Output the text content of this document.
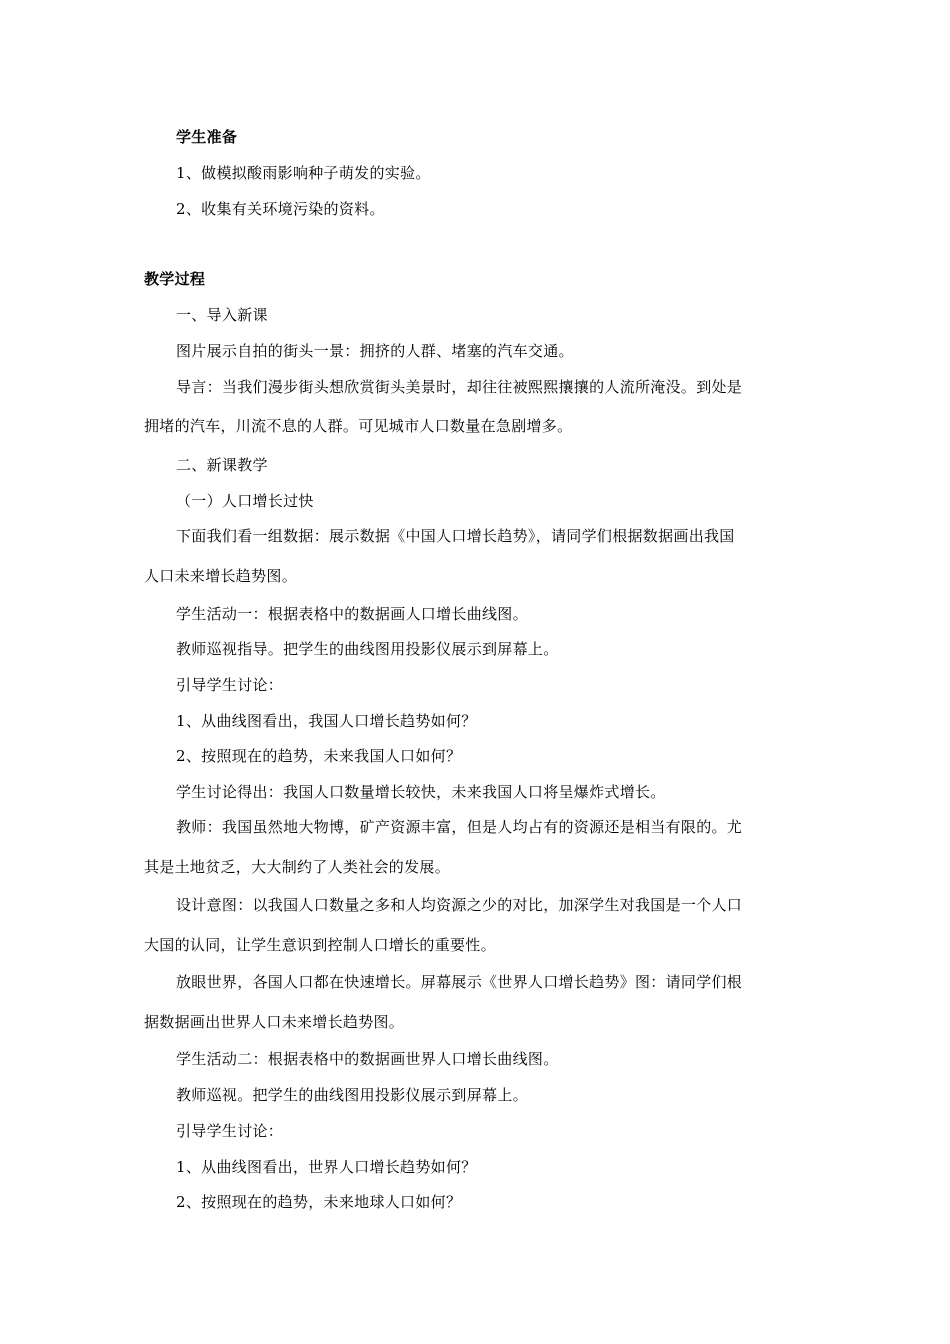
学生准备
1、做模拟酸雨影响种子萌发的实验。
2、收集有关环境污染的资料。
教学过程
一、导入新课
图片展示自拍的街头一景：拥挤的人群、堵塞的汽车交通。
导言：当我们漫步街头想欣赏街头美景时，却往往被熙熙攘攘的人流所淹没。到处是
拥堵的汽车，川流不息的人群。可见城市人口数量在急剧增多。
二、新课教学
（一）人口增长过快
下面我们看一组数据：展示数据《中国人口增长趋势》，请同学们根据数据画出我国
人口未来增长趋势图。
学生活动一：根据表格中的数据画人口增长曲线图。
教师巡视指导。把学生的曲线图用投影仪展示到屏幕上。
引导学生讨论：
1、从曲线图看出，我国人口增长趋势如何？
2、按照现在的趋势，未来我国人口如何？
学生讨论得出：我国人口数量增长较快，未来我国人口将呈爆炸式增长。
教师：我国虽然地大物博，矿产资源丰富，但是人均占有的资源还是相当有限的。尤
其是土地贫乏，大大制约了人类社会的发展。
设计意图：以我国人口数量之多和人均资源之少的对比，加深学生对我国是一个人口
大国的认同，让学生意识到控制人口增长的重要性。
放眼世界，各国人口都在快速增长。屏幕展示《世界人口增长趋势》图：请同学们根
据数据画出世界人口未来增长趋势图。
学生活动二：根据表格中的数据画世界人口增长曲线图。
教师巡视。把学生的曲线图用投影仪展示到屏幕上。
引导学生讨论：
1、从曲线图看出，世界人口增长趋势如何？
2、按照现在的趋势，未来地球人口如何？
